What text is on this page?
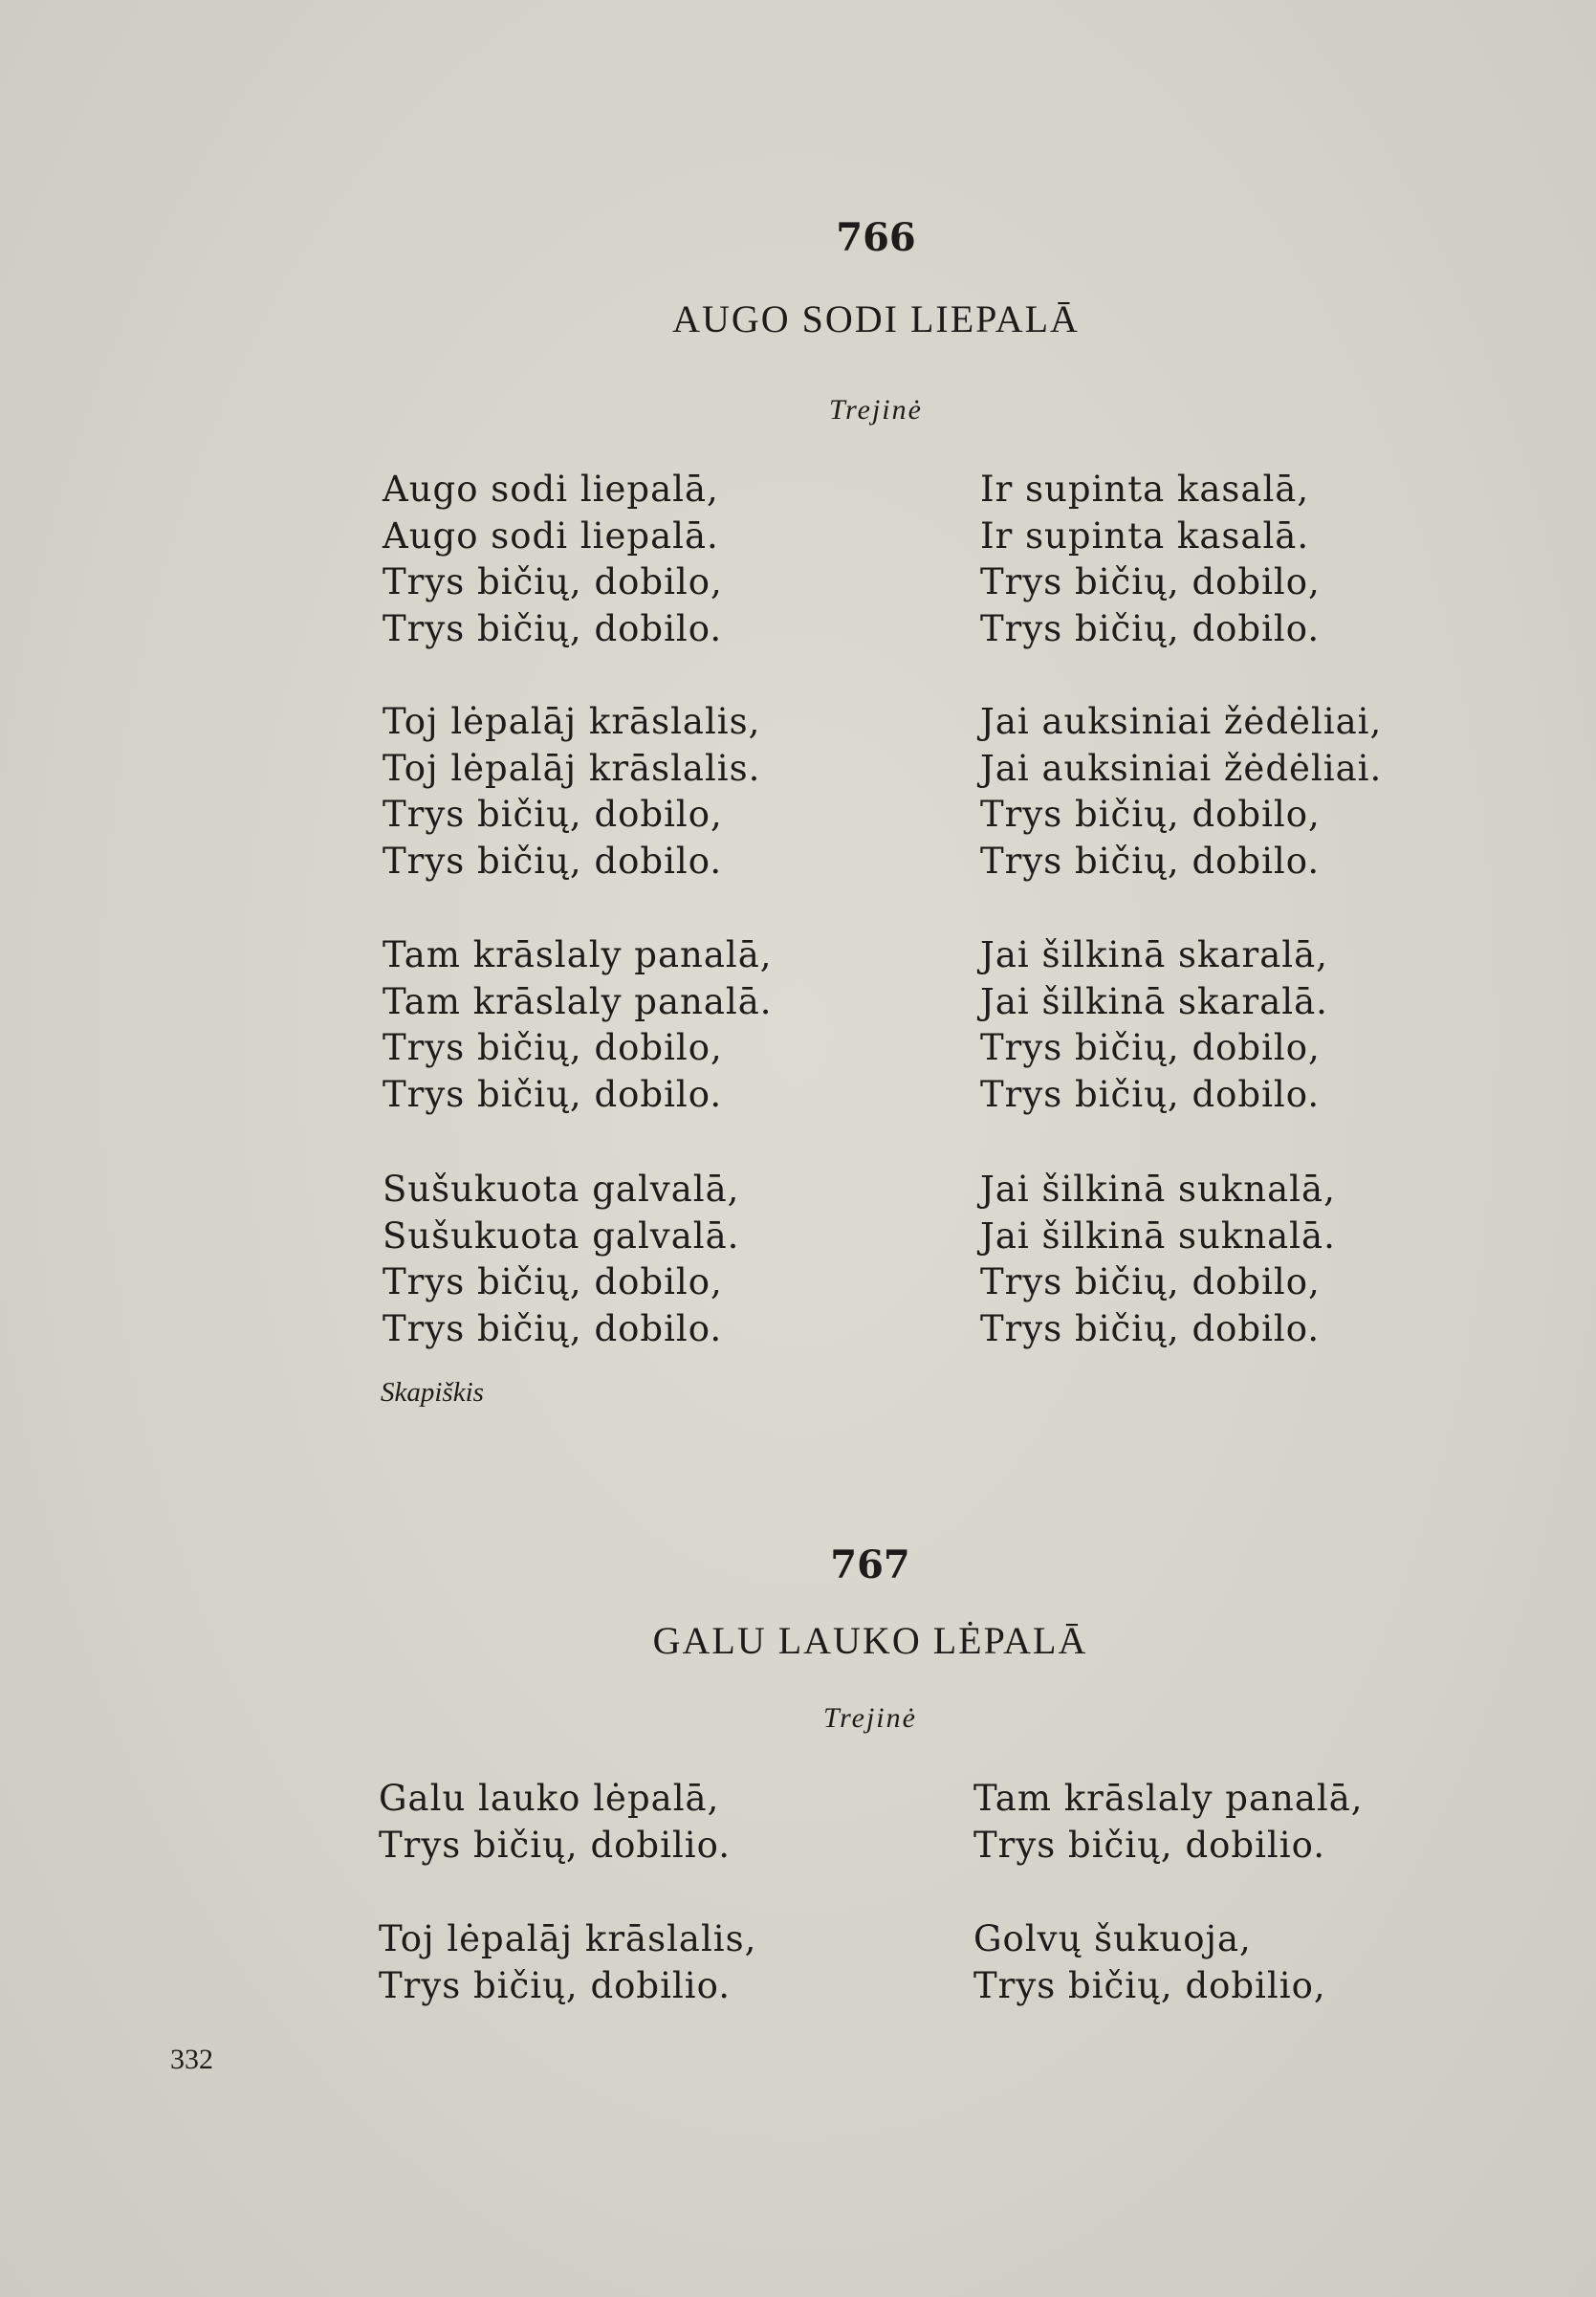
766
AUGO SODI LIEPALĀ
Trejinė
Augo sodi liepalā,
Augo sodi liepalā.
Trys bičių, dobilo,
Trys bičių, dobilo.
Toj lėpalāj krāslalis,
Toj lėpalāj krāslalis.
Trys bičių, dobilo,
Trys bičių, dobilo.
Tam krāslaly panalā,
Tam krāslaly panalā.
Trys bičių, dobilo,
Trys bičių, dobilo.
Sušukuota galvalā,
Sušukuota galvalā.
Trys bičių, dobilo,
Trys bičių, dobilo.
Ir supinta kasalā,
Ir supinta kasalā.
Trys bičių, dobilo,
Trys bičių, dobilo.
Jai auksiniai žėdėliai,
Jai auksiniai žėdėliai.
Trys bičių, dobilo,
Trys bičių, dobilo.
Jai šilkinā skaralā,
Jai šilkinā skaralā.
Trys bičių, dobilo,
Trys bičių, dobilo.
Jai šilkinā suknalā,
Jai šilkinā suknalā.
Trys bičių, dobilo,
Trys bičių, dobilo.
Skapiškis
767
GALU LAUKO LĖPALĀ
Trejinė
Galu lauko lėpalā,
Trys bičių, dobilio.
Toj lėpalāj krāslalis,
Trys bičių, dobilio.
Tam krāslaly panalā,
Trys bičių, dobilio.
Golvų šukuoja,
Trys bičių, dobilio,
332
